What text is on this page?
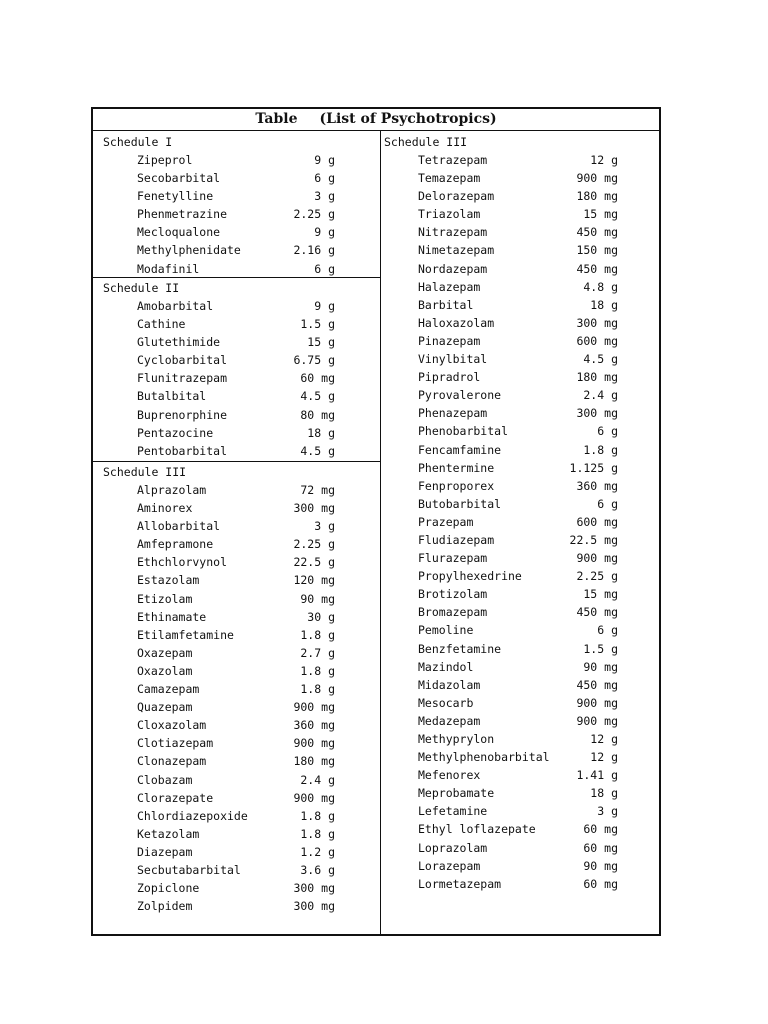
Table (List of Psychotropics)
Schedule I
Zipeprol	9 g
Secobarbital	6 g
Fenetylline	3 g
Phenmetrazine	2.25 g
Mecloqualone	9 g
Methylphenidate	2.16 g
Modafinil	6 g
Schedule II
Amobarbital	9 g
Cathine	1.5 g
Glutethimide	15 g
Cyclobarbital	6.75 g
Flunitrazepam	60 mg
Butalbital	4.5 g
Buprenorphine	80 mg
Pentazocine	18 g
Pentobarbital	4.5 g
Schedule III
Alprazolam	72 mg
Aminorex	300 mg
Allobarbital	3 g
Amfepramone	2.25 g
Ethchlorvynol	22.5 g
Estazolam	120 mg
Etizolam	90 mg
Ethinamate	30 g
Etilamfetamine	1.8 g
Oxazepam	2.7 g
Oxazolam	1.8 g
Camazepam	1.8 g
Quazepam	900 mg
Cloxazolam	360 mg
Clotiazepam	900 mg
Clonazepam	180 mg
Clobazam	2.4 g
Clorazepate	900 mg
Chlordiazepoxide	1.8 g
Ketazolam	1.8 g
Diazepam	1.2 g
Secbutabarbital	3.6 g
Zopiclone	300 mg
Zolpidem	300 mg
Schedule III
Tetrazepam	12 g
Temazepam	900 mg
Delorazepam	180 mg
Triazolam	15 mg
Nitrazepam	450 mg
Nimetazepam	150 mg
Nordazepam	450 mg
Halazepam	4.8 g
Barbital	18 g
Haloxazolam	300 mg
Pinazepam	600 mg
Vinylbital	4.5 g
Pipradrol	180 mg
Pyrovalerone	2.4 g
Phenazepam	300 mg
Phenobarbital	6 g
Fencamfamine	1.8 g
Phentermine	1.125 g
Fenproporex	360 mg
Butobarbital	6 g
Prazepam	600 mg
Fludiazepam	22.5 mg
Flurazepam	900 mg
Propylhexedrine	2.25 g
Brotizolam	15 mg
Bromazepam	450 mg
Pemoline	6 g
Benzfetamine	1.5 g
Mazindol	90 mg
Midazolam	450 mg
Mesocarb	900 mg
Medazepam	900 mg
Methyprylon	12 g
Methylphenobarbital	12 g
Mefenorex	1.41 g
Meprobamate	18 g
Lefetamine	3 g
Ethyl loflazepate	60 mg
Loprazolam	60 mg
Lorazepam	90 mg
Lormetazepam	60 mg
